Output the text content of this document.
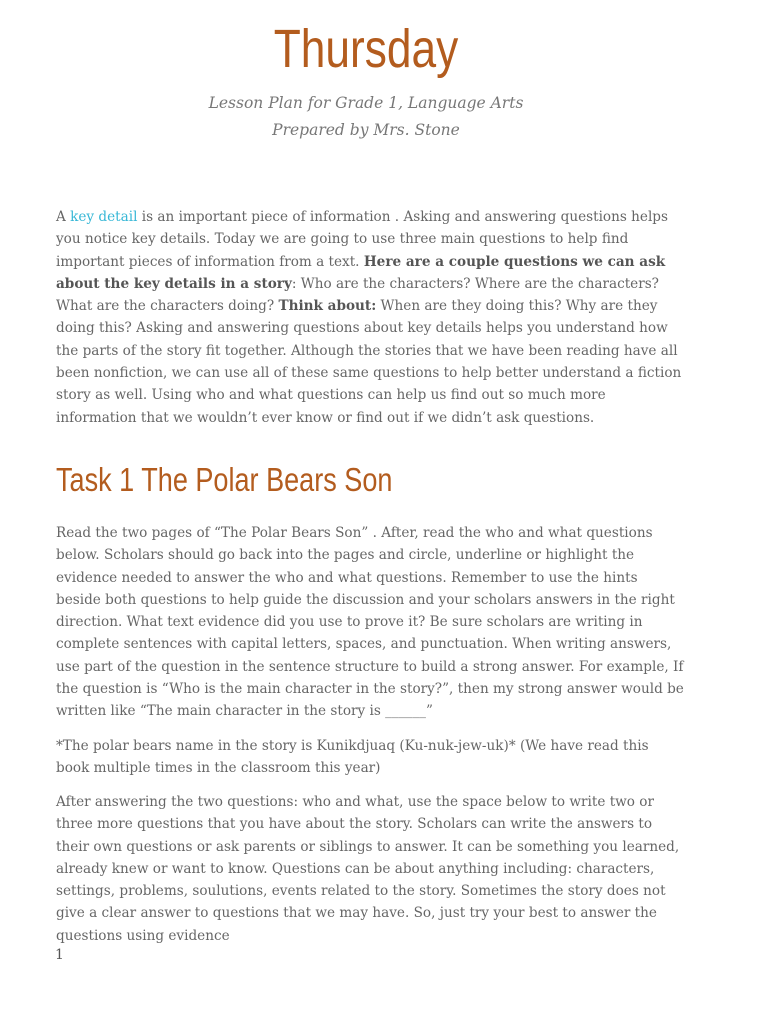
Thursday
Lesson Plan for Grade 1, Language Arts
Prepared by Mrs. Stone

A key detail is an important piece of information . Asking and answering questions helps you notice key details. Today we are going to use three main questions to help find important pieces of information from a text. Here are a couple questions we can ask about the key details in a story: Who are the characters? Where are the characters? What are the characters doing? Think about: When are they doing this? Why are they doing this? Asking and answering questions about key details helps you understand how the parts of the story fit together. Although the stories that we have been reading have all been nonfiction, we can use all of these same questions to help better understand a fiction story as well. Using who and what questions can help us find out so much more information that we wouldn’t ever know or find out if we didn’t ask questions.

Task 1 The Polar Bears Son

Read the two pages of “The Polar Bears Son” . After, read the who and what questions below. Scholars should go back into the pages and circle, underline or highlight the evidence needed to answer the who and what questions. Remember to use the hints beside both questions to help guide the discussion and your scholars answers in the right direction. What text evidence did you use to prove it? Be sure scholars are writing in complete sentences with capital letters, spaces, and punctuation. When writing answers, use part of the question in the sentence structure to build a strong answer. For example, If the question is “Who is the main character in the story?”, then my strong answer would be written like “The main character in the story is ______”

*The polar bears name in the story is Kunikdjuaq (Ku-nuk-jew-uk)* (We have read this book multiple times in the classroom this year)

After answering the two questions: who and what, use the space below to write two or three more questions that you have about the story. Scholars can write the answers to their own questions or ask parents or siblings to answer. It can be something you learned, already knew or want to know. Questions can be about anything including: characters, settings, problems, soulutions, events related to the story. Sometimes the story does not give a clear answer to questions that we may have. So, just try your best to answer the questions using evidence

1
